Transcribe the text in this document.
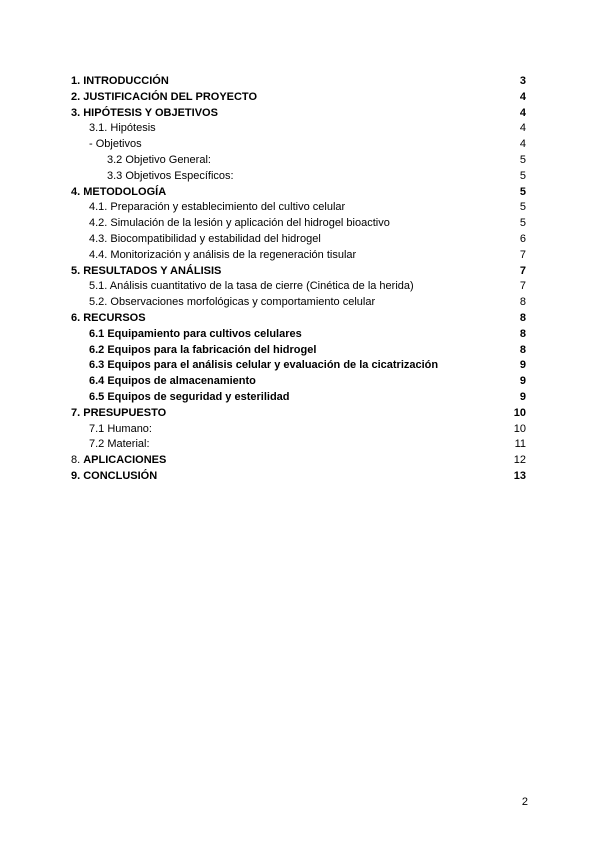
1. INTRODUCCIÓN	3
2. JUSTIFICACIÓN DEL PROYECTO	4
3. HIPÓTESIS Y OBJETIVOS	4
3.1. Hipótesis	4
- Objetivos	4
3.2 Objetivo General:	5
3.3 Objetivos Específicos:	5
4. METODOLOGÍA	5
4.1. Preparación y establecimiento del cultivo celular	5
4.2. Simulación de la lesión y aplicación del hidrogel bioactivo	5
4.3. Biocompatibilidad y estabilidad del hidrogel	6
4.4. Monitorización y análisis de la regeneración tisular	7
5. RESULTADOS Y ANÁLISIS	7
5.1. Análisis cuantitativo de la tasa de cierre (Cinética de la herida)	7
5.2. Observaciones morfológicas y comportamiento celular	8
6. RECURSOS	8
6.1 Equipamiento para cultivos celulares	8
6.2 Equipos para la fabricación del hidrogel	8
6.3 Equipos para el análisis celular y evaluación de la cicatrización	9
6.4 Equipos de almacenamiento	9
6.5 Equipos de seguridad y esterilidad	9
7. PRESUPUESTO	10
7.1 Humano:	10
7.2 Material:	11
8. APLICACIONES	12
9. CONCLUSIÓN	13
2
